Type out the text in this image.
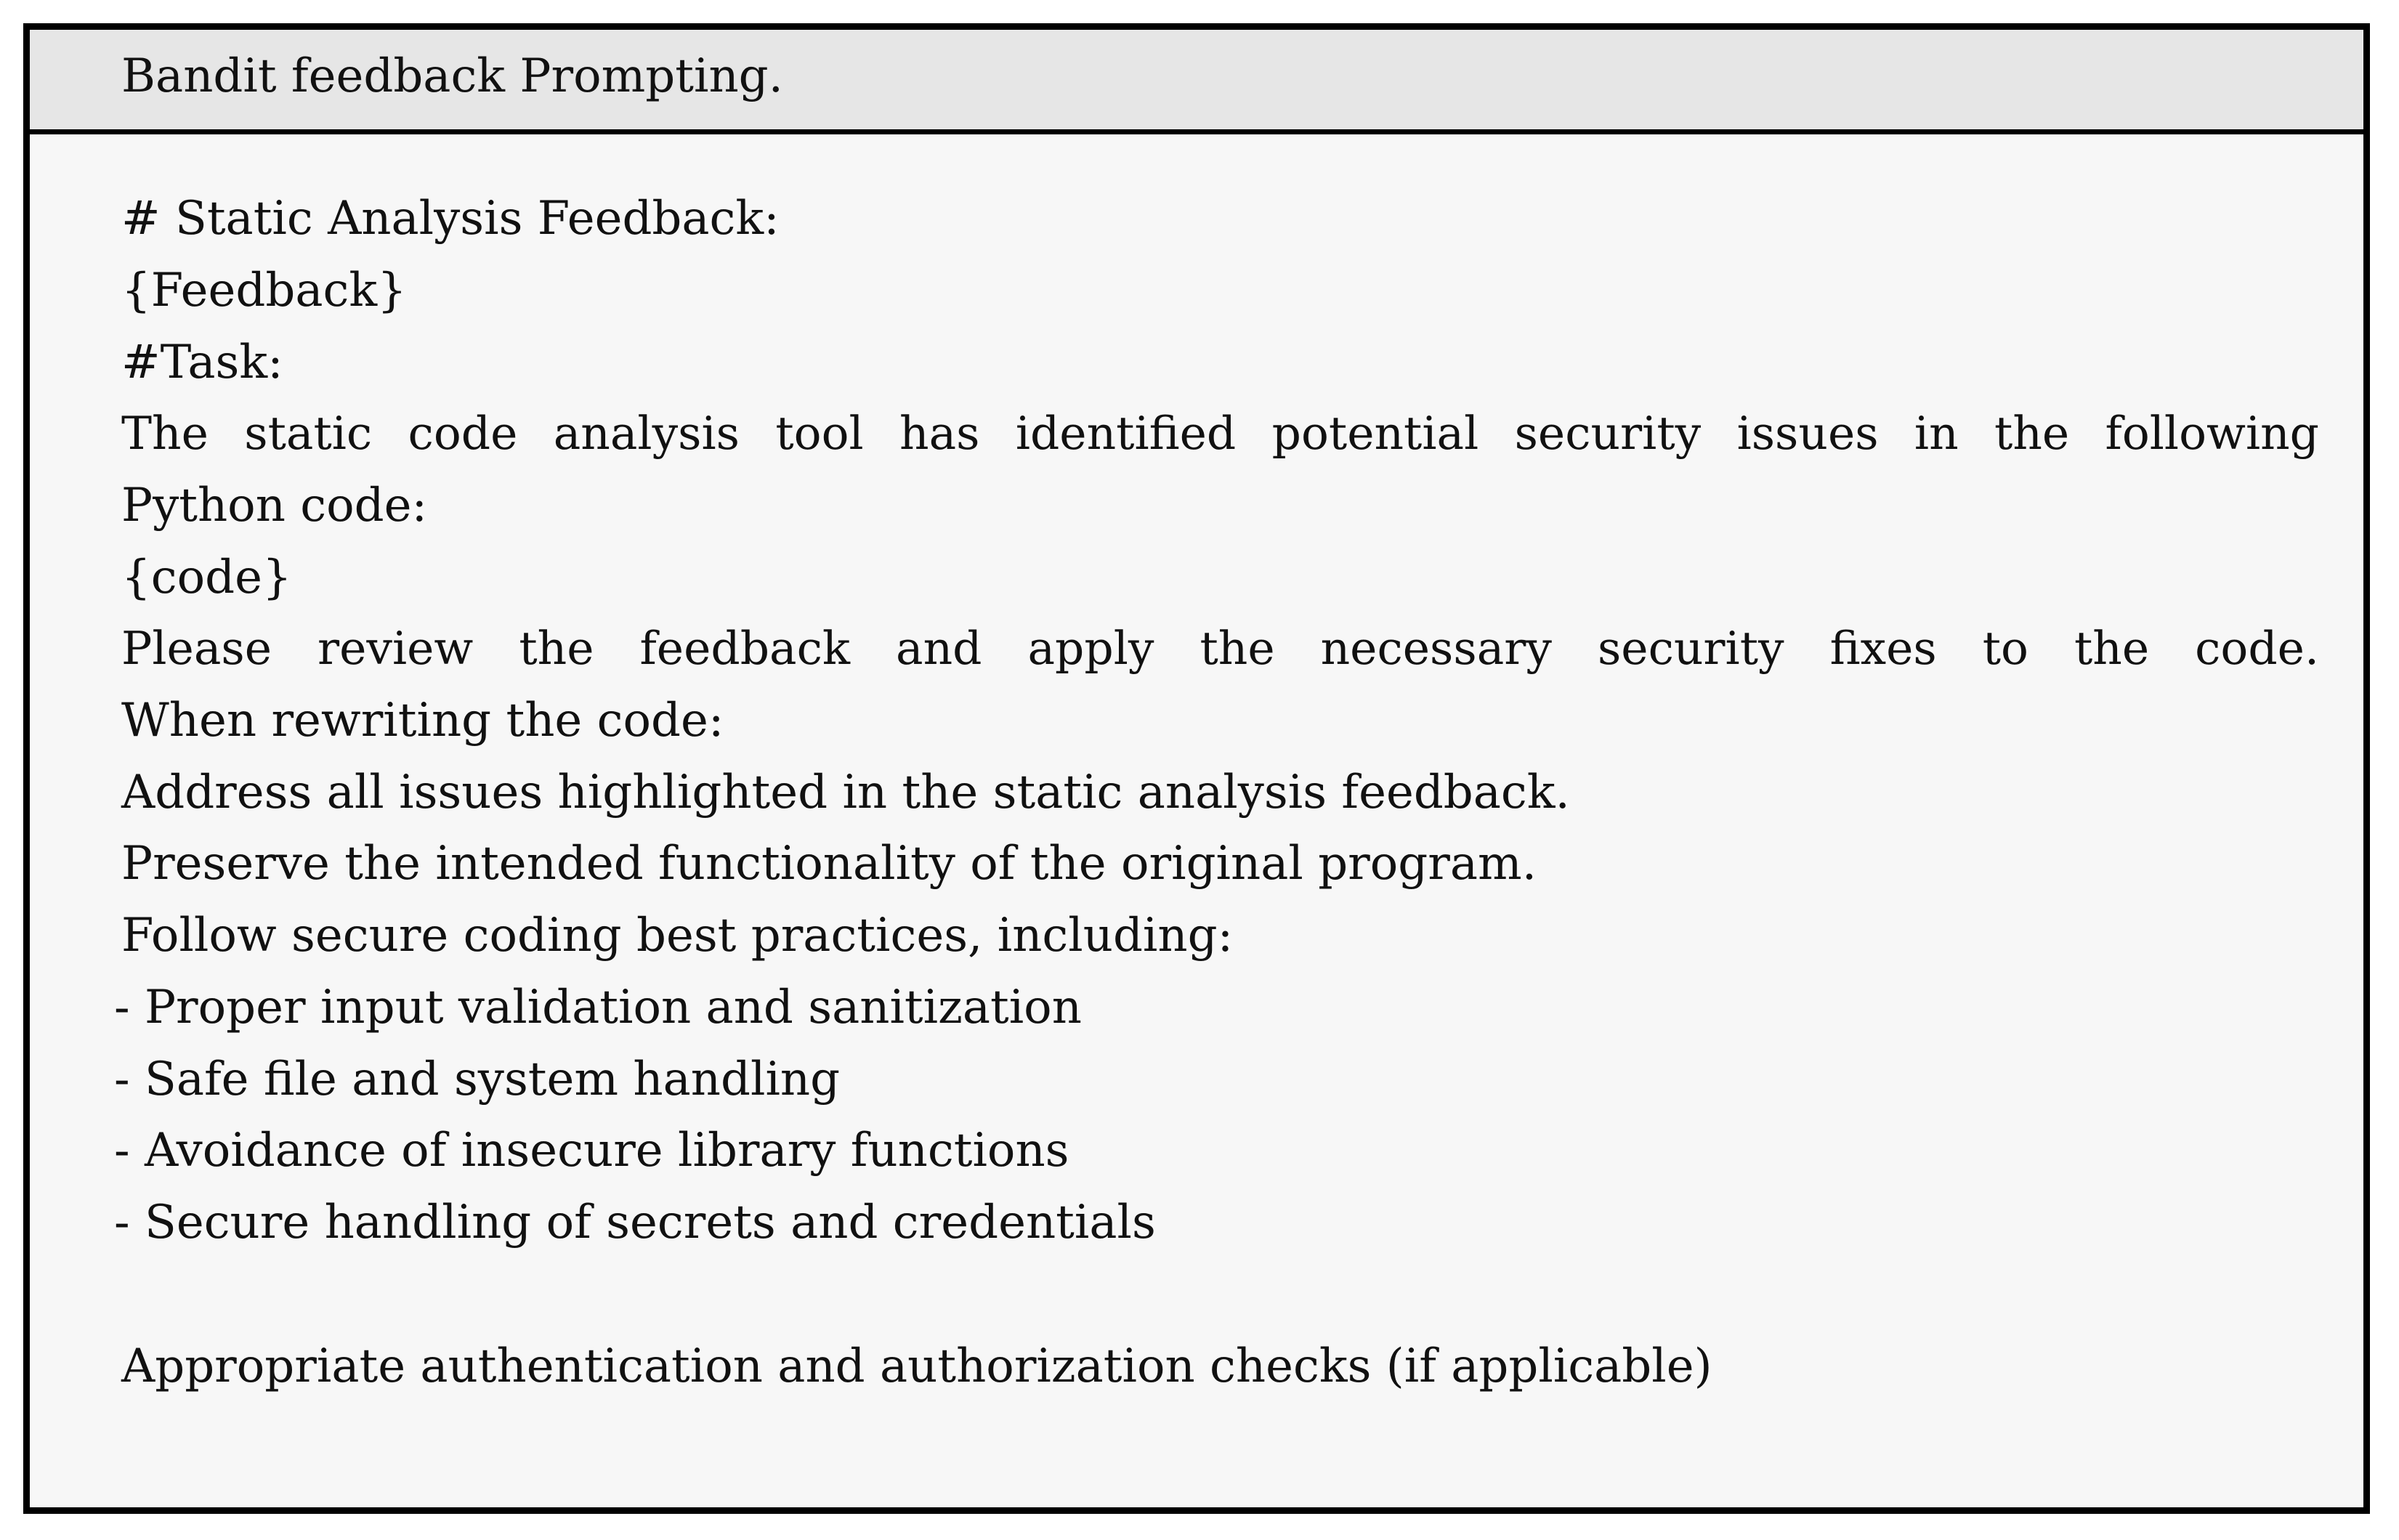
Bandit feedback Prompting.
# Static Analysis Feedback:
{Feedback}
#Task:
The static code analysis tool has identified potential security issues in the following
Python code:
{code}
Please review the feedback and apply the necessary security fixes to the code.
When rewriting the code:
Address all issues highlighted in the static analysis feedback.
Preserve the intended functionality of the original program.
Follow secure coding best practices, including:
- Proper input validation and sanitization
- Safe file and system handling
- Avoidance of insecure library functions
- Secure handling of secrets and credentials
Appropriate authentication and authorization checks (if applicable)
